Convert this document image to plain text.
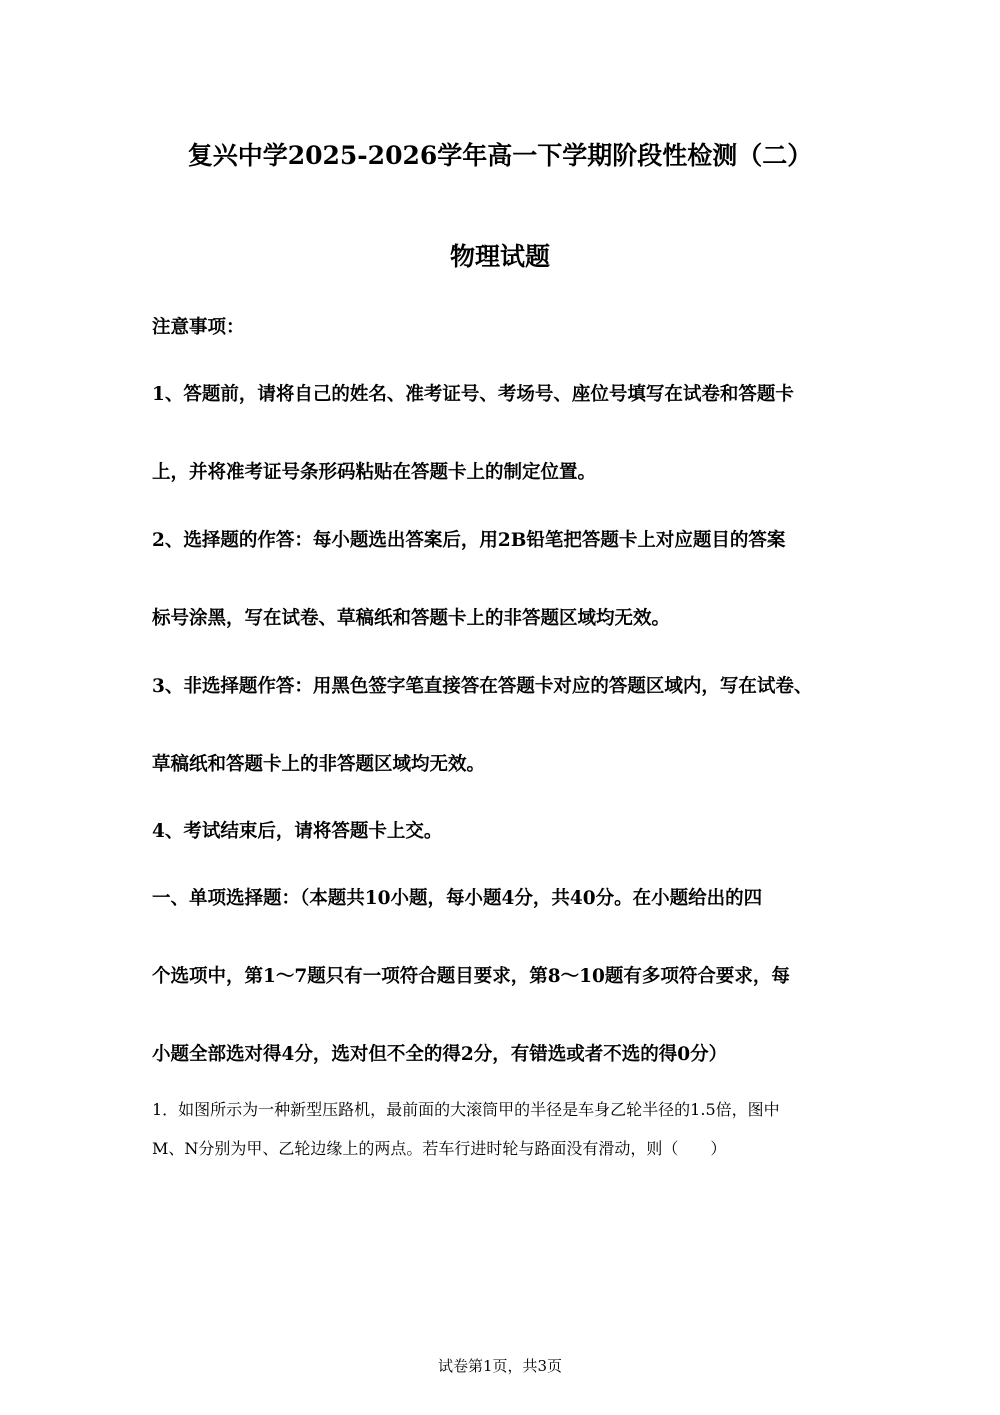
复兴中学2025-2026学年高一下学期阶段性检测（二）
物理试题
注意事项：
1、答题前，请将自己的姓名、准考证号、考场号、座位号填写在试卷和答题卡
上，并将准考证号条形码粘贴在答题卡上的制定位置。
2、选择题的作答：每小题选出答案后，用2B铅笔把答题卡上对应题目的答案
标号涂黑，写在试卷、草稿纸和答题卡上的非答题区域均无效。
3、非选择题作答：用黑色签字笔直接答在答题卡对应的答题区域内，写在试卷、
草稿纸和答题卡上的非答题区域均无效。
4、考试结束后，请将答题卡上交。
一、单项选择题：（本题共10小题，每小题4分，共40分。在小题给出的四
个选项中，第1～7题只有一项符合题目要求，第8～10题有多项符合要求，每
小题全部选对得4分，选对但不全的得2分，有错选或者不选的得0分）
1．如图所示为一种新型压路机，最前面的大滚筒甲的半径是车身乙轮半径的1.5倍，图中
M、N分别为甲、乙轮边缘上的两点。若车行进时轮与路面没有滑动，则（　　）
试卷第1页，共3页
